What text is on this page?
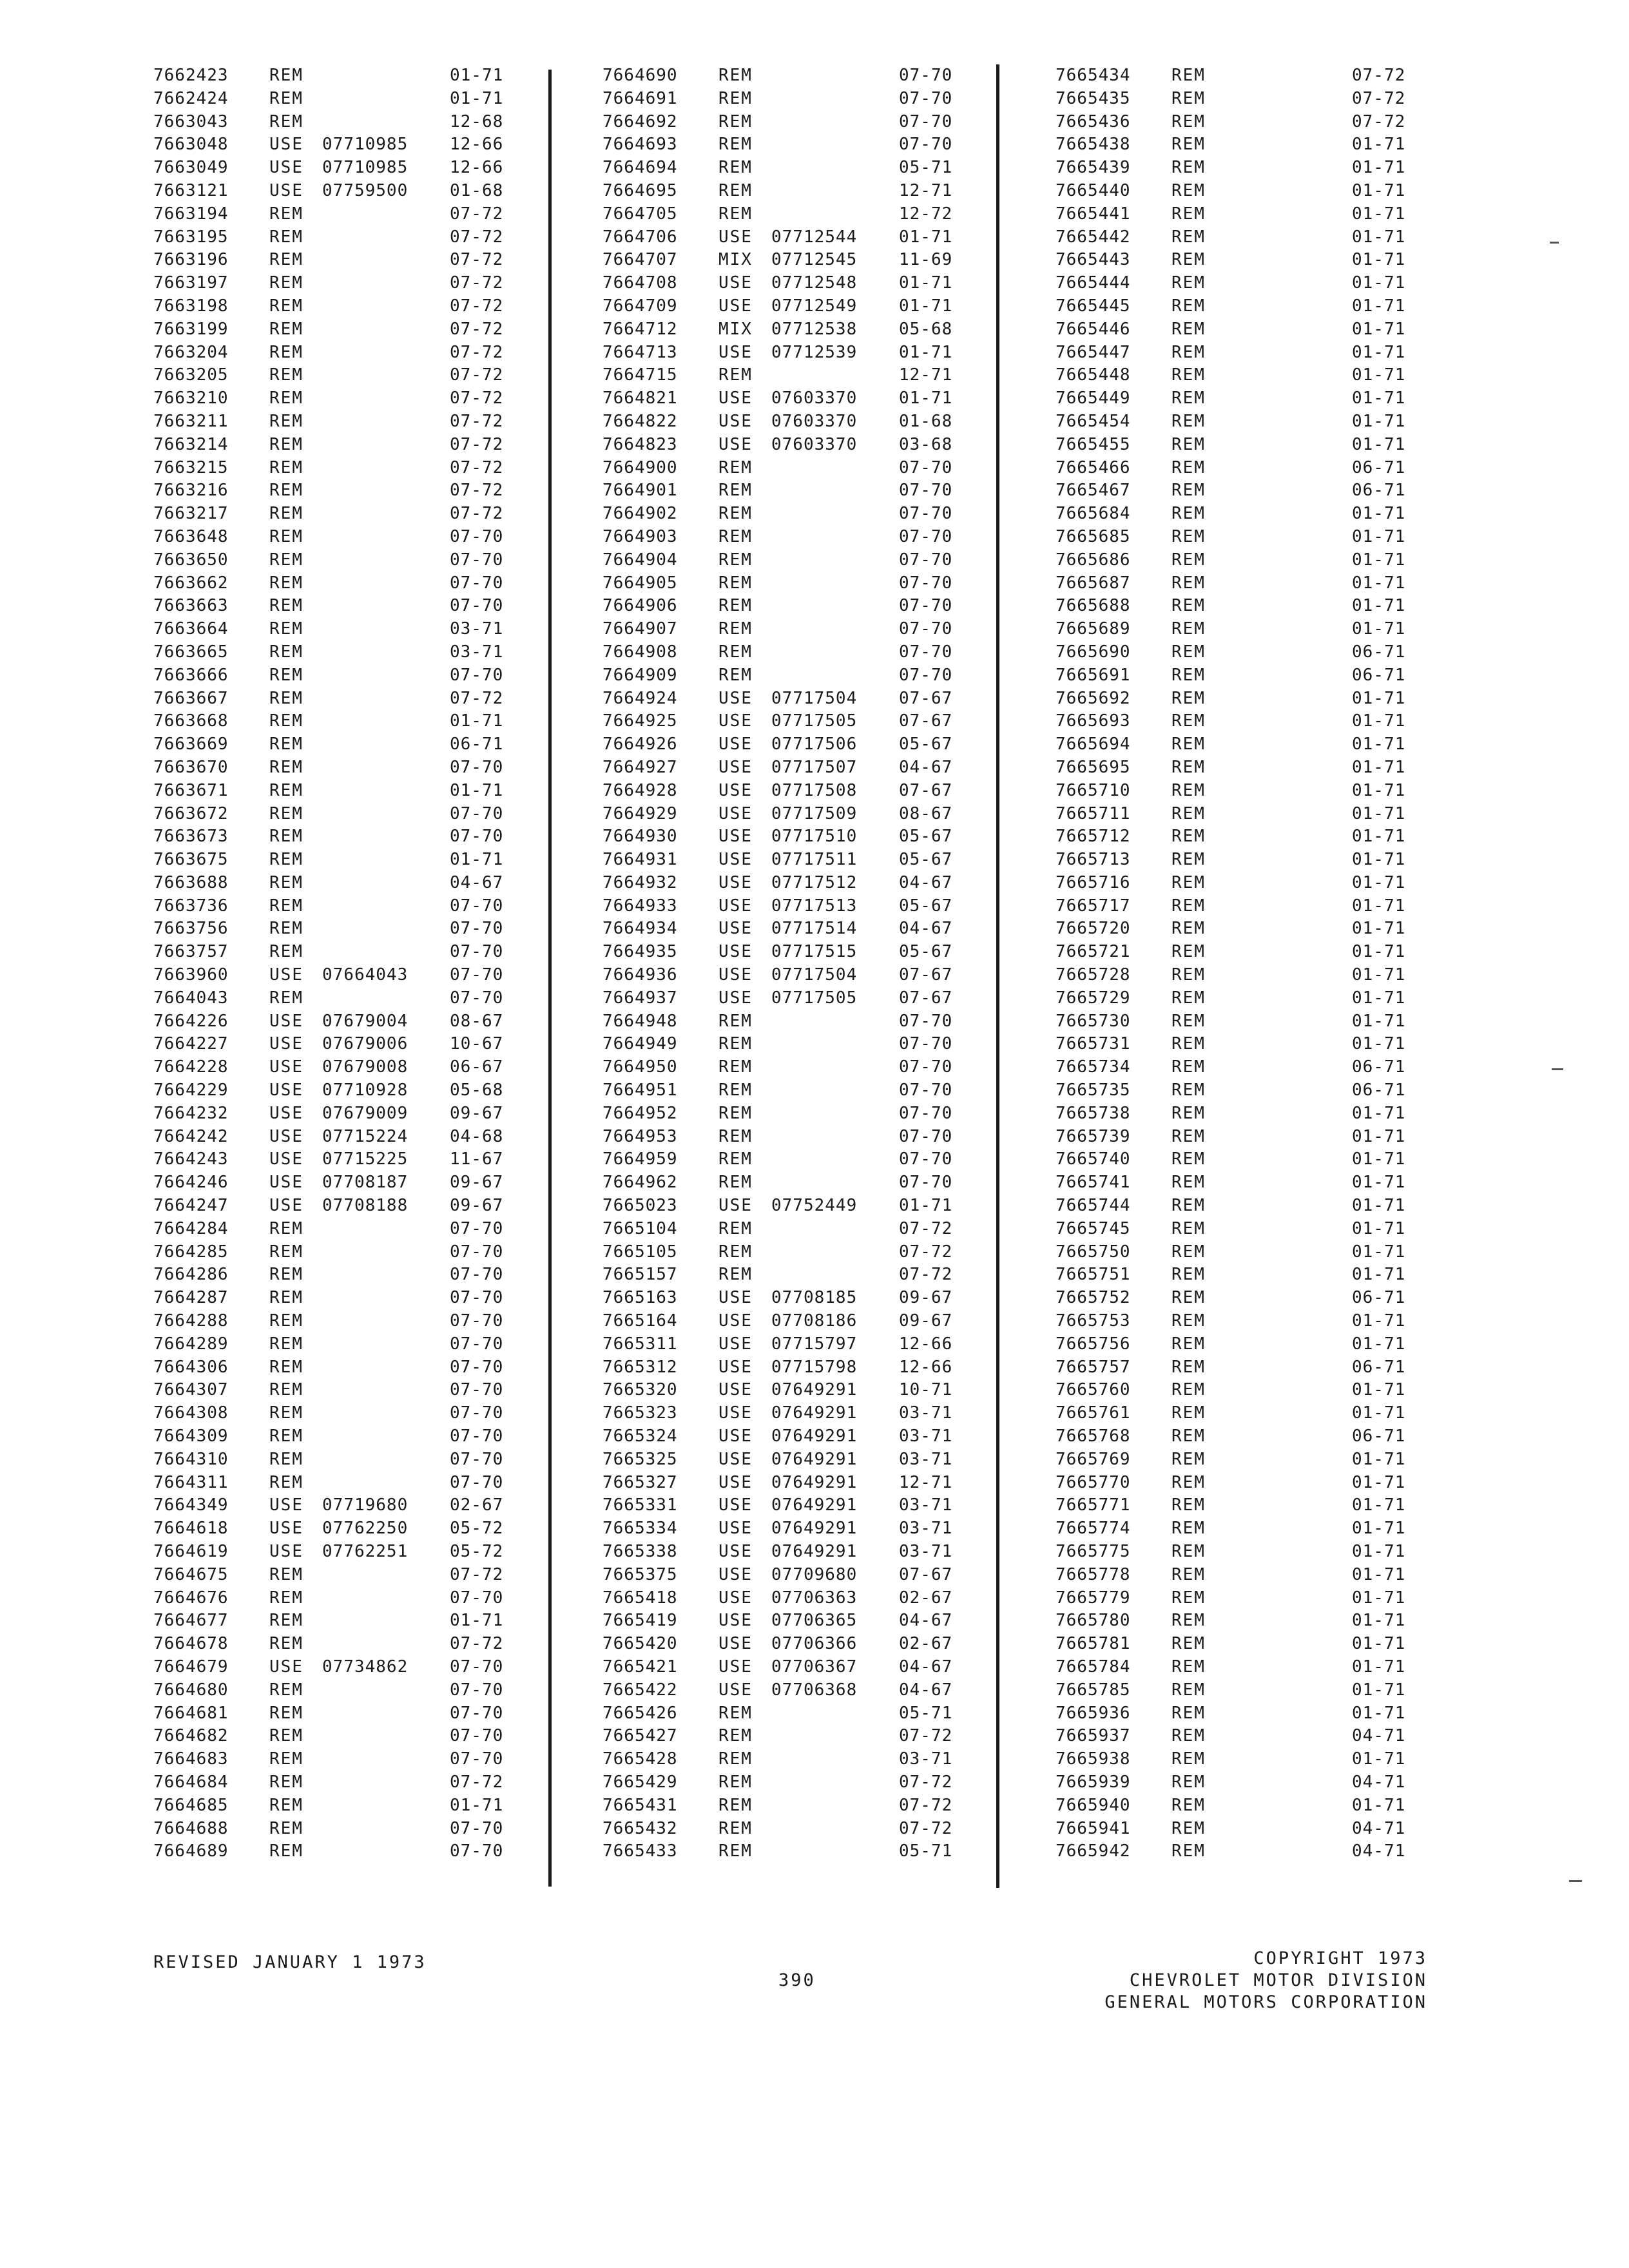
7662423 REM	01-71
7662424 REM	01-71
7663043 REM	12-68
7663048 USE 07710985 12-66
7663049 USE 07710985 12-66
7663121 USE 07759500 01-68
7663194 REM	07-72
7663195 REM	07-72
7663196 REM	07-72
7663197 REM	07-72
7663198 REM	07-72
7663199 REM	07-72
7663204 REM	07-72
7663205 REM	07-72
7663210 REM	07-72
7663211 REM	07-72
7663214 REM	07-72
7663215 REM	07-72
7663216 REM	07-72
7663217 REM	07-72
7663648 REM	07-70
7663650 REM	07-70
7663662 REM	07-70
7663663 REM	07-70
7663664 REM	03-71
7663665 REM	03-71
7663666 REM	07-70
7663667 REM	07-72
7663668 REM	01-71
7663669 REM	06-71
7663670 REM	07-70
7663671 REM	01-71
7663672 REM	07-70
7663673 REM	07-70
7663675 REM	01-71
7663688 REM	04-67
7663736 REM	07-70
7663756 REM	07-70
7663757 REM	07-70
7663960 USE 07664043 07-70
7664043 REM	07-70
7664226 USE 07679004 08-67
7664227 USE 07679006 10-67
7664228 USE 07679008 06-67
7664229 USE 07710928 05-68
7664232 USE 07679009 09-67
7664242 USE 07715224 04-68
7664243 USE 07715225 11-67
7664246 USE 07708187 09-67
7664247 USE 07708188 09-67
7664284 REM	07-70
7664285 REM	07-70
7664286 REM	07-70
7664287 REM	07-70
7664288 REM	07-70
7664289 REM	07-70
7664306 REM	07-70
7664307 REM	07-70
7664308 REM	07-70
7664309 REM	07-70
7664310 REM	07-70
7664311 REM	07-70
7664349 USE 07719680 02-67
7664618 USE 07762250 05-72
7664619 USE 07762251 05-72
7664675 REM	07-72
7664676 REM	07-70
7664677 REM	01-71
7664678 REM	07-72
7664679 USE 07734862 07-70
7664680 REM	07-70
7664681 REM	07-70
7664682 REM	07-70
7664683 REM	07-70
7664684 REM	07-72
7664685 REM	01-71
7664688 REM	07-70
7664689 REM	07-70
7664690 REM	07-70
7664691 REM	07-70
7664692 REM	07-70
7664693 REM	07-70
7664694 REM	05-71
7664695 REM	12-71
7664705 REM	12-72
7664706 USE 07712544 01-71
7664707 MIX 07712545 11-69
7664708 USE 07712548 01-71
7664709 USE 07712549 01-71
7664712 MIX 07712538 05-68
7664713 USE 07712539 01-71
7664715 REM	12-71
7664821 USE 07603370 01-71
7664822 USE 07603370 01-68
7664823 USE 07603370 03-68
7664900 REM	07-70
7664901 REM	07-70
7664902 REM	07-70
7664903 REM	07-70
7664904 REM	07-70
7664905 REM	07-70
7664906 REM	07-70
7664907 REM	07-70
7664908 REM	07-70
7664909 REM	07-70
7664924 USE 07717504 07-67
7664925 USE 07717505 07-67
7664926 USE 07717506 05-67
7664927 USE 07717507 04-67
7664928 USE 07717508 07-67
7664929 USE 07717509 08-67
7664930 USE 07717510 05-67
7664931 USE 07717511 05-67
7664932 USE 07717512 04-67
7664933 USE 07717513 05-67
7664934 USE 07717514 04-67
7664935 USE 07717515 05-67
7664936 USE 07717504 07-67
7664937 USE 07717505 07-67
7664948 REM	07-70
7664949 REM	07-70
7664950 REM	07-70
7664951 REM	07-70
7664952 REM	07-70
7664953 REM	07-70
7664959 REM	07-70
7664962 REM	07-70
7665023 USE 07752449 01-71
7665104 REM	07-72
7665105 REM	07-72
7665157 REM	07-72
7665163 USE 07708185 09-67
7665164 USE 07708186 09-67
7665311 USE 07715797 12-66
7665312 USE 07715798 12-66
7665320 USE 07649291 10-71
7665323 USE 07649291 03-71
7665324 USE 07649291 03-71
7665325 USE 07649291 03-71
7665327 USE 07649291 12-71
7665331 USE 07649291 03-71
7665334 USE 07649291 03-71
7665338 USE 07649291 03-71
7665375 USE 07709680 07-67
7665418 USE 07706363 02-67
7665419 USE 07706365 04-67
7665420 USE 07706366 02-67
7665421 USE 07706367 04-67
7665422 USE 07706368 04-67
7665426 REM	05-71
7665427 REM	07-72
7665428 REM	03-71
7665429 REM	07-72
7665431 REM	07-72
7665432 REM	07-72
7665433 REM	05-71
7665434 REM	07-72
7665435 REM	07-72
7665436 REM	07-72
7665438 REM	01-71
7665439 REM	01-71
7665440 REM	01-71
7665441 REM	01-71
7665442 REM	01-71
7665443 REM	01-71
7665444 REM	01-71
7665445 REM	01-71
7665446 REM	01-71
7665447 REM	01-71
7665448 REM	01-71
7665449 REM	01-71
7665454 REM	01-71
7665455 REM	01-71
7665466 REM	06-71
7665467 REM	06-71
7665684 REM	01-71
7665685 REM	01-71
7665686 REM	01-71
7665687 REM	01-71
7665688 REM	01-71
7665689 REM	01-71
7665690 REM	06-71
7665691 REM	06-71
7665692 REM	01-71
7665693 REM	01-71
7665694 REM	01-71
7665695 REM	01-71
7665710 REM	01-71
7665711 REM	01-71
7665712 REM	01-71
7665713 REM	01-71
7665716 REM	01-71
7665717 REM	01-71
7665720 REM	01-71
7665721 REM	01-71
7665728 REM	01-71
7665729 REM	01-71
7665730 REM	01-71
7665731 REM	01-71
7665734 REM	06-71
7665735 REM	06-71
7665738 REM	01-71
7665739 REM	01-71
7665740 REM	01-71
7665741 REM	01-71
7665744 REM	01-71
7665745 REM	01-71
7665750 REM	01-71
7665751 REM	01-71
7665752 REM	06-71
7665753 REM	01-71
7665756 REM	01-71
7665757 REM	06-71
7665760 REM	01-71
7665761 REM	01-71
7665768 REM	06-71
7665769 REM	01-71
7665770 REM	01-71
7665771 REM	01-71
7665774 REM	01-71
7665775 REM	01-71
7665778 REM	01-71
7665779 REM	01-71
7665780 REM	01-71
7665781 REM	01-71
7665784 REM	01-71
7665785 REM	01-71
7665936 REM	01-71
7665937 REM	04-71
7665938 REM	01-71
7665939 REM	04-71
7665940 REM	01-71
7665941 REM	04-71
7665942 REM	04-71
REVISED JANUARY 1 1973
390
COPYRIGHT 1973
CHEVROLET MOTOR DIVISION
GENERAL MOTORS CORPORATION
